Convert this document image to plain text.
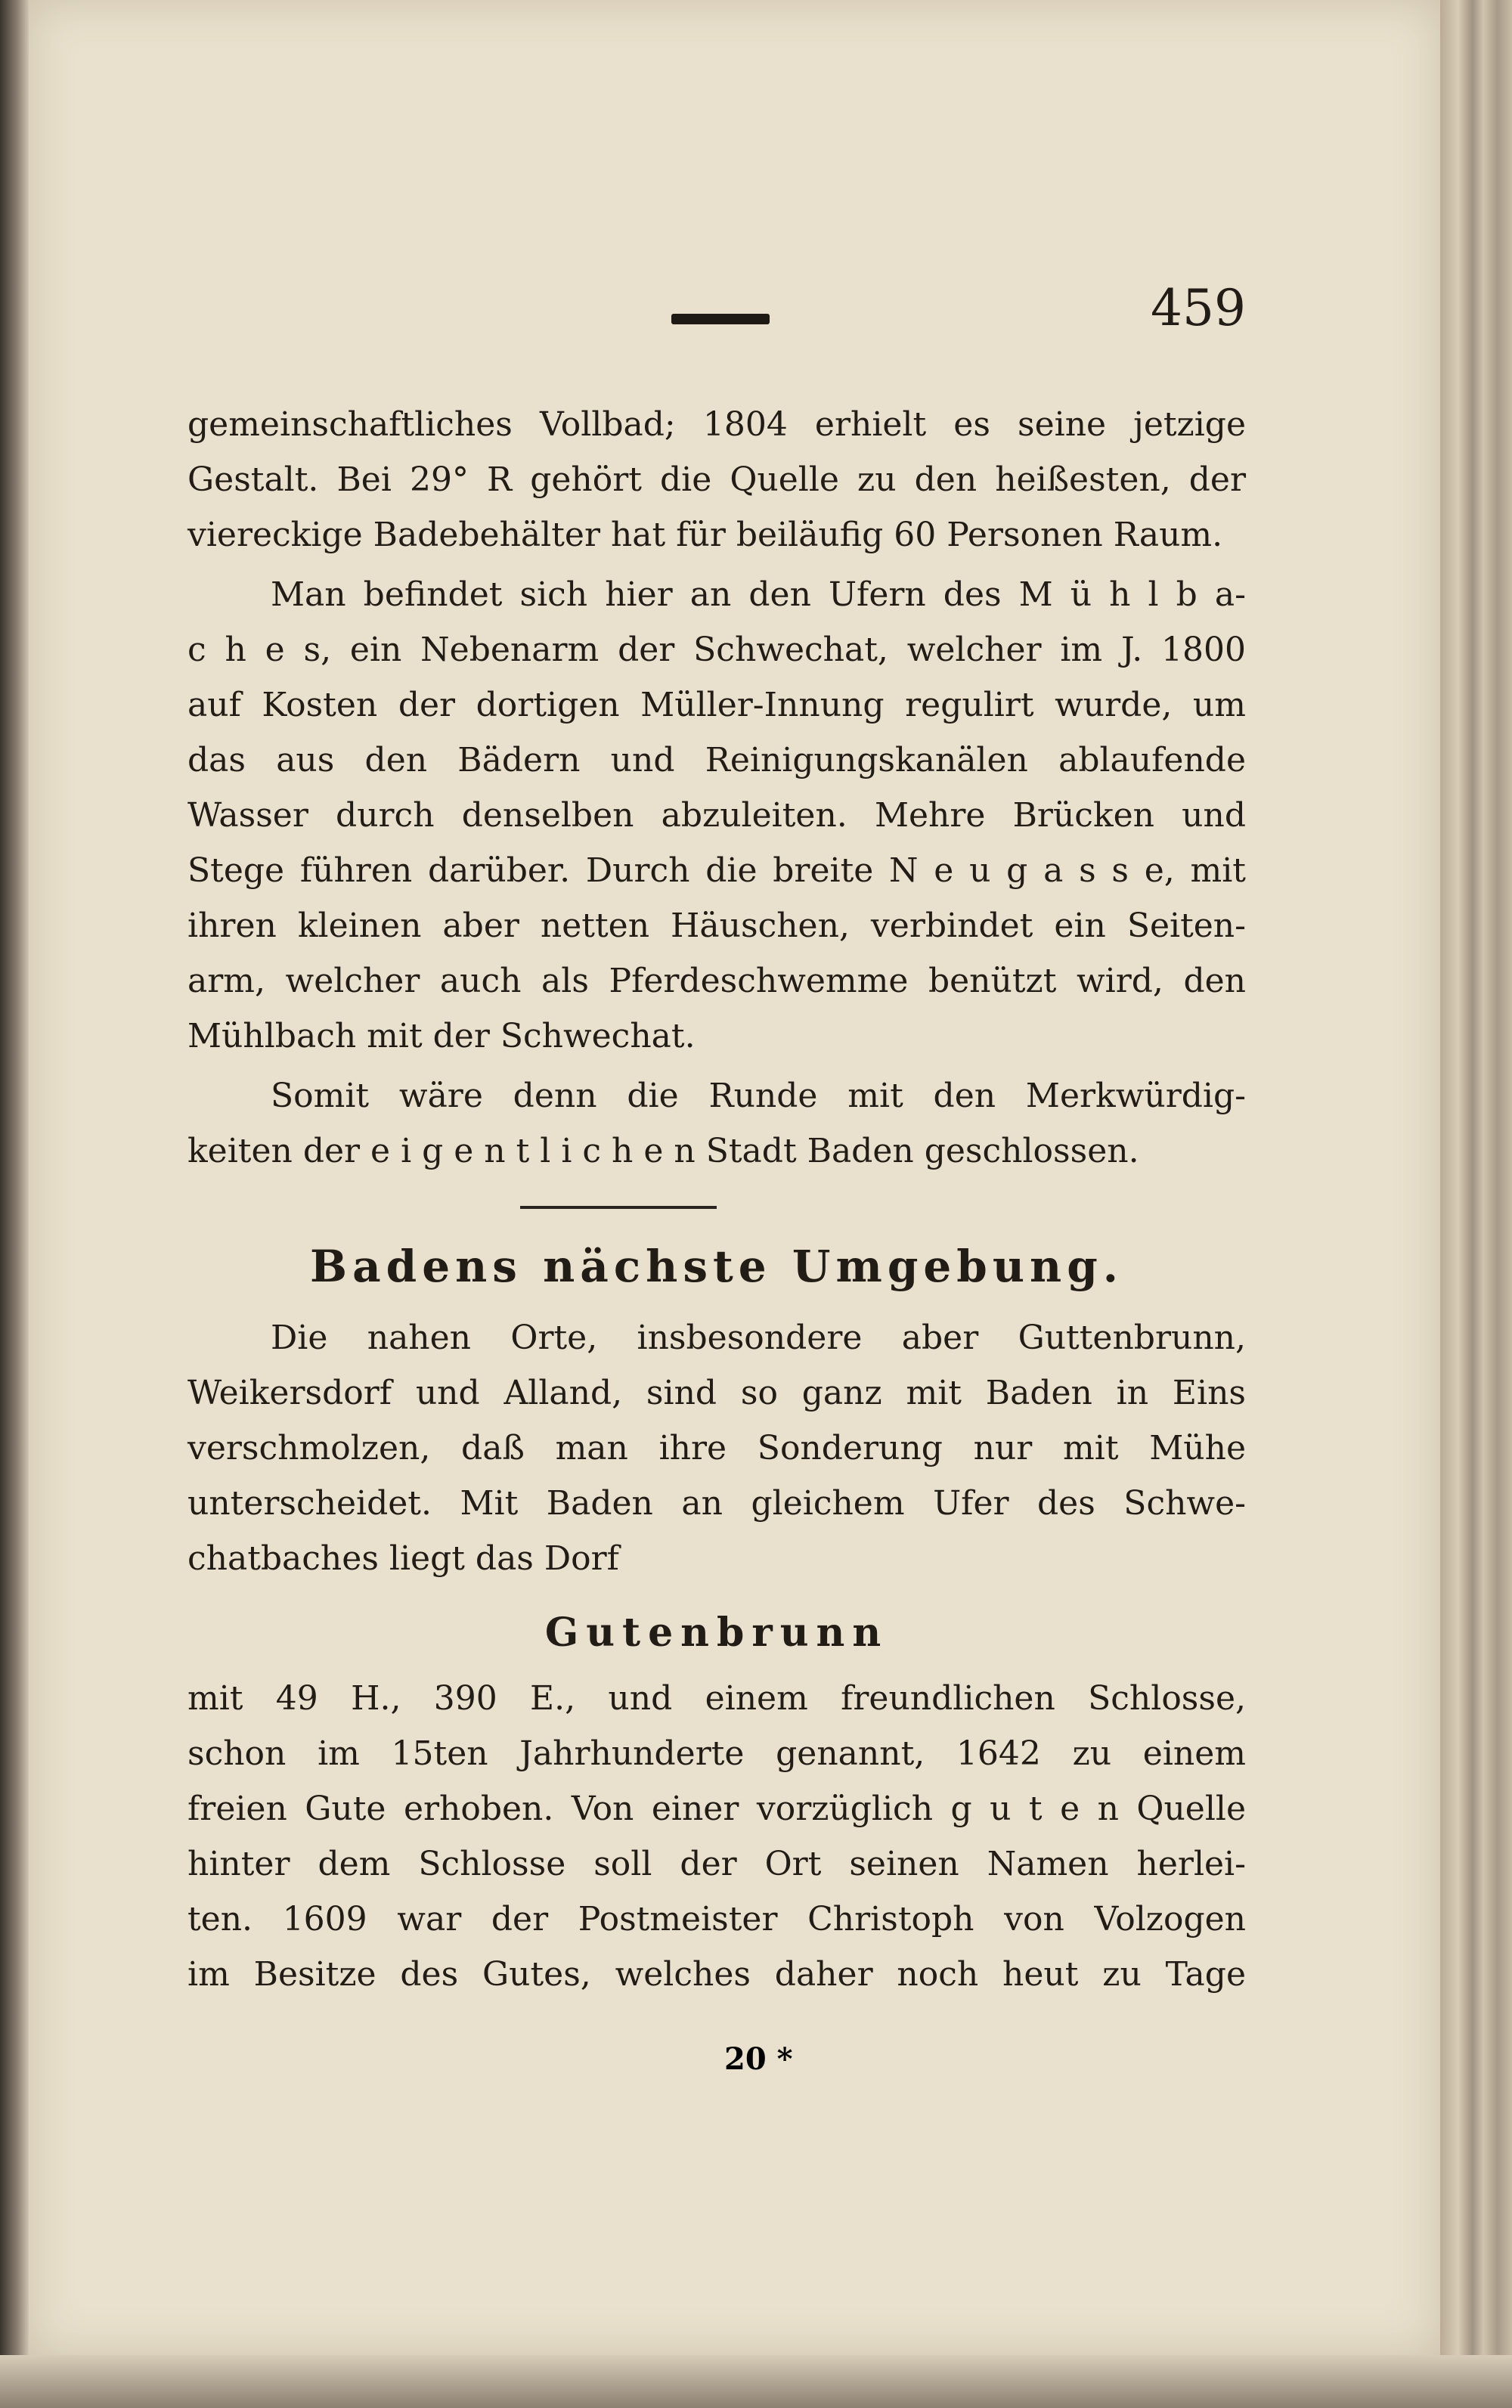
459
gemeinschaftliches Vollbad; 1804 erhielt es seine jetzige
Gestalt. Bei 29° R gehört die Quelle zu den heißesten, der
viereckige Badebehälter hat für beiläufig 60 Personen Raum.
Man befindet sich hier an den Ufern des M ü h l b a-
c h e s, ein Nebenarm der Schwechat, welcher im J. 1800
auf Kosten der dortigen Müller-Innung regulirt wurde, um
das aus den Bädern und Reinigungskanälen ablaufende
Wasser durch denselben abzuleiten. Mehre Brücken und
Stege führen darüber. Durch die breite N e u g a s s e, mit
ihren kleinen aber netten Häuschen, verbindet ein Seiten-
arm, welcher auch als Pferdeschwemme benützt wird, den
Mühlbach mit der Schwechat.
Somit wäre denn die Runde mit den Merkwürdig-
keiten der e i g e n t l i c h e n Stadt Baden geschlossen.
Badens nächste Umgebung.
Die nahen Orte, insbesondere aber Guttenbrunn,
Weikersdorf und Alland, sind so ganz mit Baden in Eins
verschmolzen, daß man ihre Sonderung nur mit Mühe
unterscheidet. Mit Baden an gleichem Ufer des Schwe-
chatbaches liegt das Dorf
Gutenbrunn
mit 49 H., 390 E., und einem freundlichen Schlosse,
schon im 15ten Jahrhunderte genannt, 1642 zu einem
freien Gute erhoben. Von einer vorzüglich g u t e n Quelle
hinter dem Schlosse soll der Ort seinen Namen herlei-
ten. 1609 war der Postmeister Christoph von Volzogen
im Besitze des Gutes, welches daher noch heut zu Tage
20 *
